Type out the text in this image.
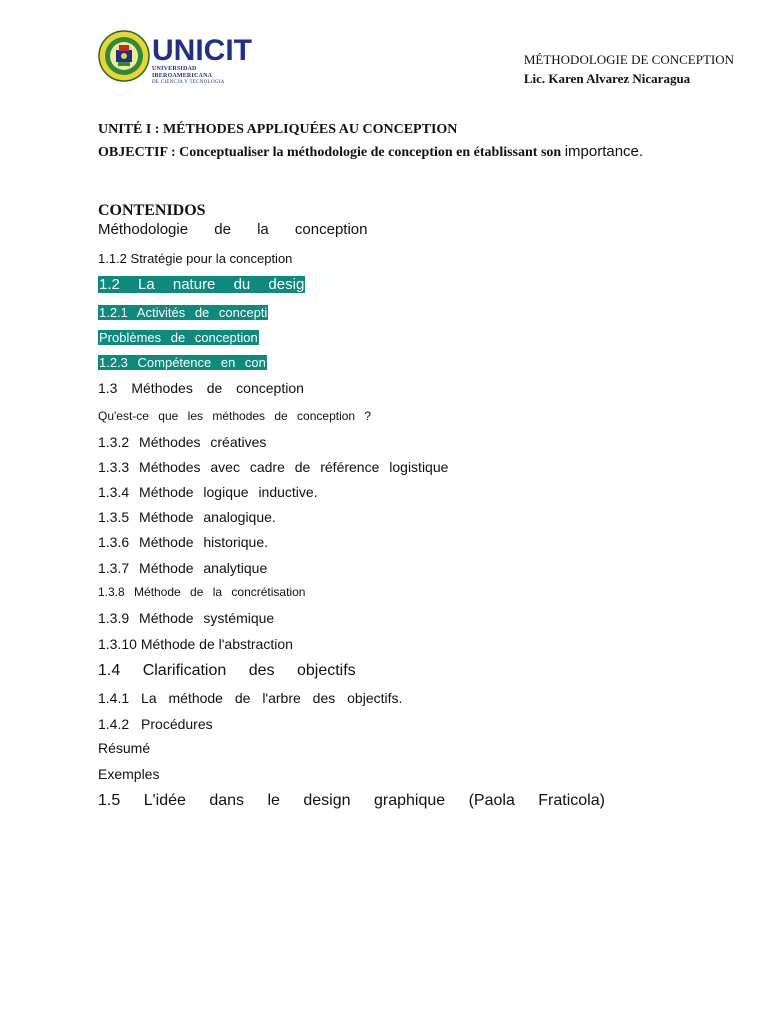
UNICIT
UNIVERSIDAD IBEROAMERICANA
DE CIENCIA Y TECNOLOGIA
MÉTHODOLOGIE DE CONCEPTION
Lic. Karen Alvarez Nicaragua
UNITÉ I : MÉTHODES APPLIQUÉES AU CONCEPTION
OBJECTIF : Conceptualiser la méthodologie de conception en établissant son importance.
CONTENIDOS
Méthodologie de la conception
1.1.2 Stratégie pour la conception
1.2 La nature du desig
1.2.1 Activités de concepti
Problèmes de conception
1.2.3 Compétence en con
1.3 Méthodes de conception
Qu'est-ce que les méthodes de conception ?
1.3.2 Méthodes créatives
1.3.3 Méthodes avec cadre de référence logistique
1.3.4 Méthode logique inductive.
1.3.5 Méthode analogique.
1.3.6 Méthode historique.
1.3.7 Méthode analytique
1.3.8 Méthode de la concrétisation
1.3.9 Méthode systémique
1.3.10 Méthode de l'abstraction
1.4 Clarification des objectifs
1.4.1 La méthode de l'arbre des objectifs.
1.4.2 Procédures
Résumé
Exemples
1.5 L'idée dans le design graphique (Paola Fraticola)
